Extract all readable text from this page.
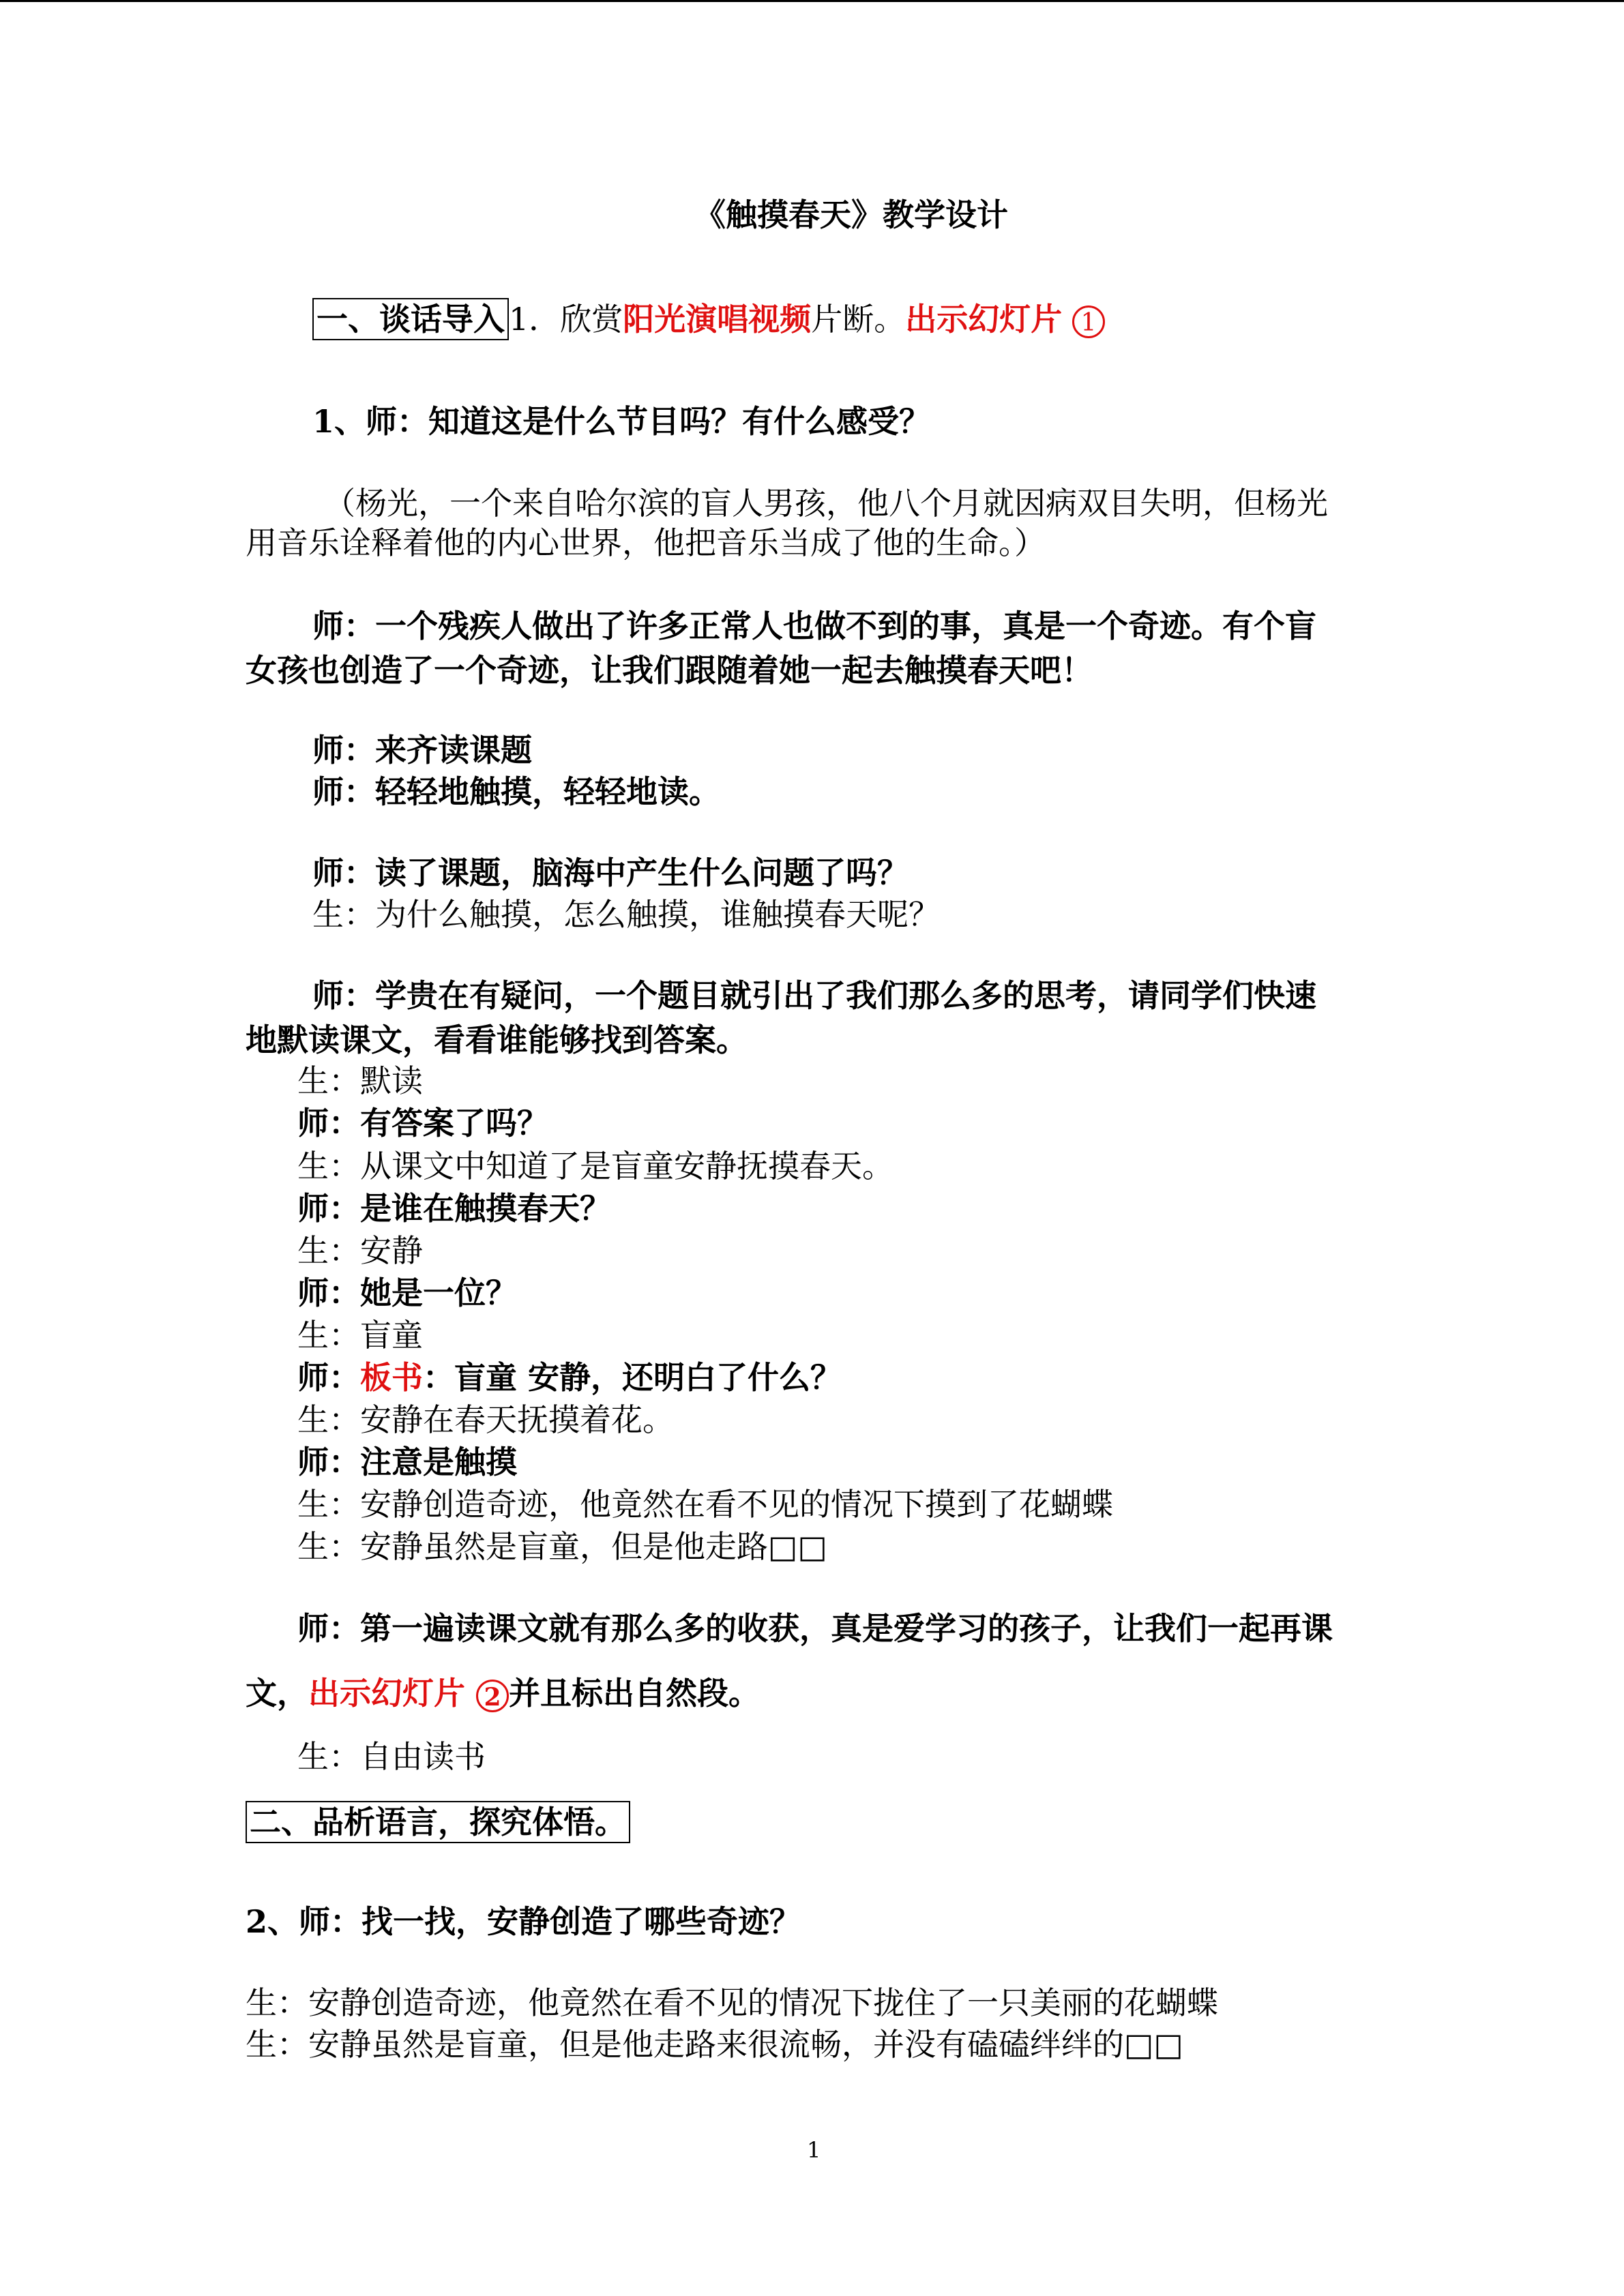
《触摸春天》教学设计
一、谈话导入 1．欣赏阳光演唱视频片断。出示幻灯片 1
1、师：知道这是什么节目吗？有什么感受？
（杨光，一个来自哈尔滨的盲人男孩，他八个月就因病双目失明，但杨光
用音乐诠释着他的内心世界，他把音乐当成了他的生命。）
师：一个残疾人做出了许多正常人也做不到的事，真是一个奇迹。有个盲
女孩也创造了一个奇迹，让我们跟随着她一起去触摸春天吧！
师：来齐读课题
师：轻轻地触摸，轻轻地读。
师：读了课题，脑海中产生什么问题了吗？
生：为什么触摸，怎么触摸，谁触摸春天呢？
师：学贵在有疑问，一个题目就引出了我们那么多的思考，请同学们快速
地默读课文，看看谁能够找到答案。
生：默读
师：有答案了吗？
生：从课文中知道了是盲童安静抚摸春天。
师：是谁在触摸春天？
生：安静
师：她是一位？
生：盲童
师：板书：盲童 安静，还明白了什么？
生：安静在春天抚摸着花。
师：注意是触摸
生：安静创造奇迹，他竟然在看不见的情况下摸到了花蝴蝶
生：安静虽然是盲童，但是他走路□□
师：第一遍读课文就有那么多的收获，真是爱学习的孩子，让我们一起再课
文，出示幻灯片 2 并且标出自然段。
生：自由读书
二、品析语言，探究体悟。
2、师：找一找，安静创造了哪些奇迹？
生：安静创造奇迹，他竟然在看不见的情况下拢住了一只美丽的花蝴蝶
生：安静虽然是盲童，但是他走路来很流畅，并没有磕磕绊绊的□□
1
